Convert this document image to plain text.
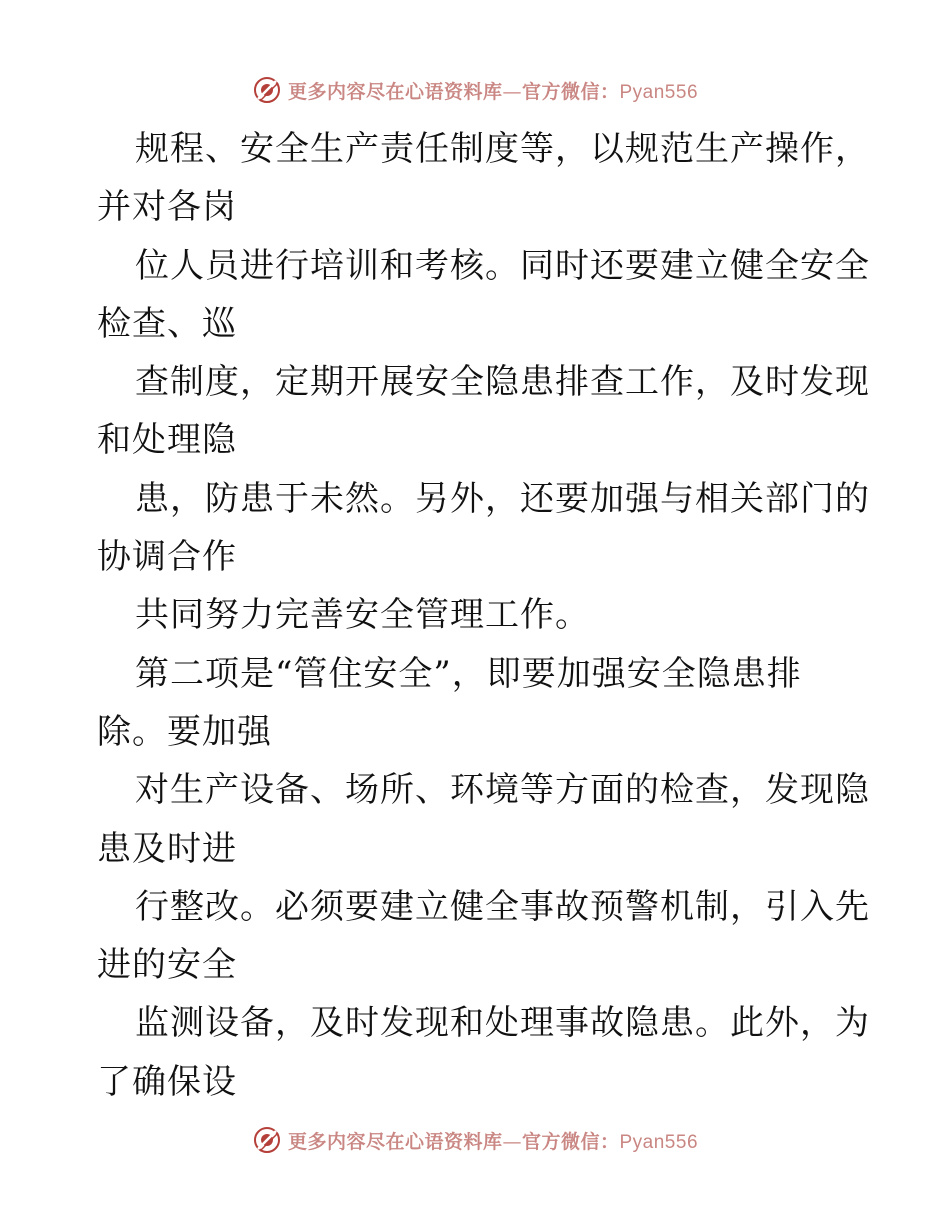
更多内容尽在心语资料库—官方微信：Pyan556
规程、安全生产责任制度等，以规范生产操作，
并对各岗
位人员进行培训和考核。同时还要建立健全安全
检查、巡
查制度，定期开展安全隐患排查工作，及时发现
和处理隐
患，防患于未然。另外，还要加强与相关部门的
协调合作
共同努力完善安全管理工作。
第二项是“管住安全”，即要加强安全隐患排
除。要加强
对生产设备、场所、环境等方面的检查，发现隐
患及时进
行整改。必须要建立健全事故预警机制，引入先
进的安全
监测设备，及时发现和处理事故隐患。此外，为
了确保设
更多内容尽在心语资料库—官方微信：Pyan556
